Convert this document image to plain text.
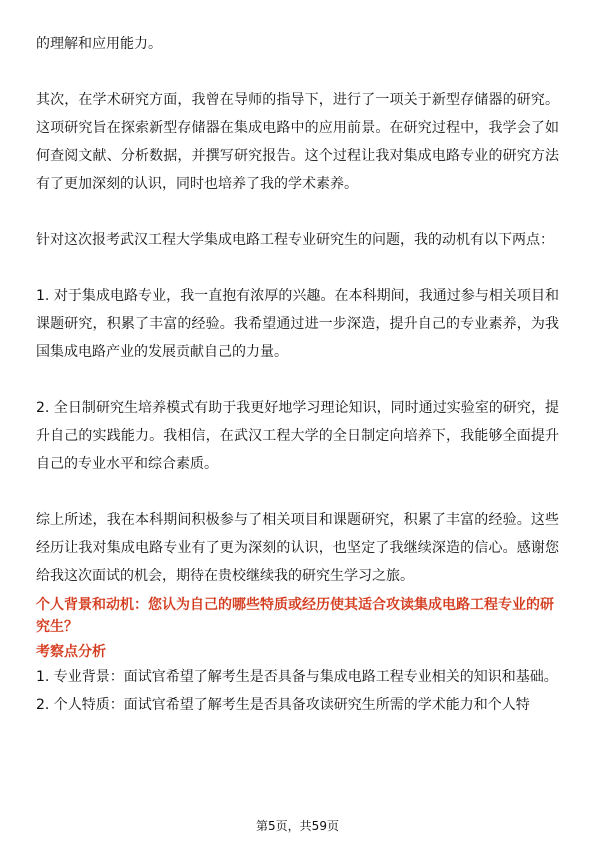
的理解和应用能力。

其次，在学术研究方面，我曾在导师的指导下，进行了一项关于新型存储器的研究。这项研究旨在探索新型存储器在集成电路中的应用前景。在研究过程中，我学会了如何查阅文献、分析数据，并撰写研究报告。这个过程让我对集成电路专业的研究方法有了更加深刻的认识，同时也培养了我的学术素养。

针对这次报考武汉工程大学集成电路工程专业研究生的问题，我的动机有以下两点：

1. 对于集成电路专业，我一直抱有浓厚的兴趣。在本科期间，我通过参与相关项目和课题研究，积累了丰富的经验。我希望通过进一步深造，提升自己的专业素养，为我国集成电路产业的发展贡献自己的力量。

2. 全日制研究生培养模式有助于我更好地学习理论知识，同时通过实验室的研究，提升自己的实践能力。我相信，在武汉工程大学的全日制定向培养下，我能够全面提升自己的专业水平和综合素质。

综上所述，我在本科期间积极参与了相关项目和课题研究，积累了丰富的经验。这些经历让我对集成电路专业有了更为深刻的认识，也坚定了我继续深造的信心。感谢您给我这次面试的机会，期待在贵校继续我的研究生学习之旅。

个人背景和动机：您认为自己的哪些特质或经历使其适合攻读集成电路工程专业的研究生？

考察点分析

1. 专业背景：面试官希望了解考生是否具备与集成电路工程专业相关的知识和基础。

2. 个人特质：面试官希望了解考生是否具备攻读研究生所需的学术能力和个人特

第5页，共59页
